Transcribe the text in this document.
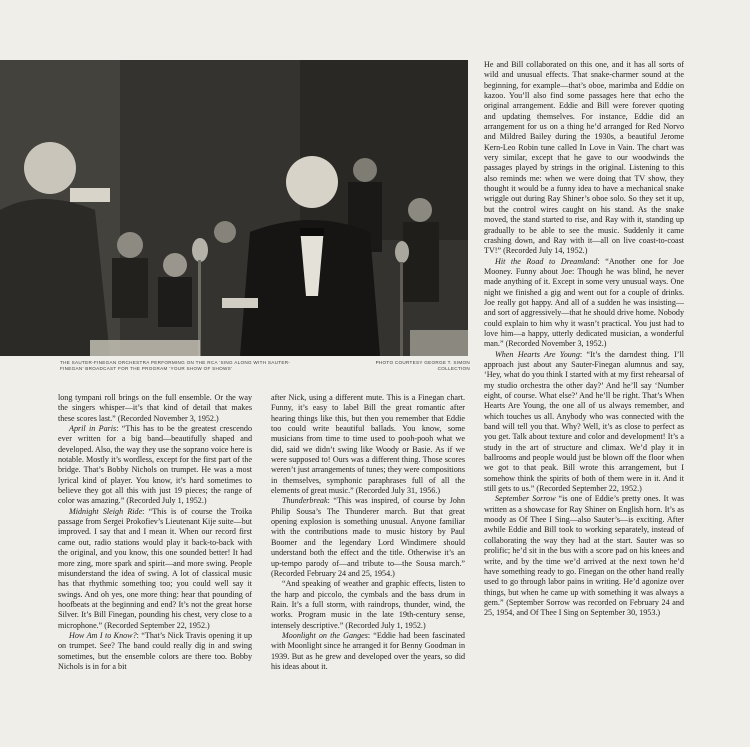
THE SAUTER-FINEGAN ORCHESTRA PERFORMING ON THE RCA ‘SING ALONG WITH SAUTER-FINEGAN’ BROADCAST FOR THE PROGRAM ‘YOUR SHOW OF SHOWS’

PHOTO COURTESY GEORGE T. SIMON COLLECTION

long tympani roll brings on the full ensemble. Or the way the singers whisper—it’s that kind of detail that makes these scores last.” (Recorded November 3, 1952.)

April in Paris: “This has to be the greatest crescendo ever written for a big band—beautifully shaped and developed. Also, the way they use the soprano voice here is notable. Mostly it’s wordless, except for the first part of the bridge. That’s Bobby Nichols on trumpet. He was a most lyrical kind of player. You know, it’s hard sometimes to believe they got all this with just 19 pieces; the range of color was amazing.” (Recorded July 1, 1952.)

Midnight Sleigh Ride: “This is of course the Troika passage from Sergei Prokofiev’s Lieutenant Kije suite—but improved. I say that and I mean it. When our record first came out, radio stations would play it back-to-back with the original, and you know, this one sounded better! It had more zing, more spark and spirit—and more swing. People misunderstand the idea of swing. A lot of classical music has that rhythmic something too; you could well say it swings. And oh yes, one more thing: hear that pounding of hoofbeats at the beginning and end? It’s not the great horse Silver. It’s Bill Finegan, pounding his chest, very close to a microphone.” (Recorded September 22, 1952.)

How Am I to Know?: “That’s Nick Travis opening it up on trumpet. See? The band could really dig in and swing sometimes, but the ensemble colors are there too. Bobby Nichols is in for a bit

after Nick, using a different mute. This is a Finegan chart. Funny, it’s easy to label Bill the great romantic after hearing things like this, but then you remember that Eddie too could write beautiful ballads. You know, some musicians from time to time used to pooh-pooh what we did, said we didn’t swing like Woody or Basie. As if we were supposed to! Ours was a different thing. Those scores weren’t just arrangements of tunes; they were compositions in themselves, symphonic paraphrases full of all the elements of great music.” (Recorded July 31, 1956.)

Thunderbreak: “This was inspired, of course by John Philip Sousa’s The Thunderer march. But that great opening explosion is something unusual. Anyone familiar with the contributions made to music history by Paul Boomer and the legendary Lord Windimere should understand both the effect and the title. Otherwise it’s an up-tempo parody of—and tribute to—the Sousa march.” (Recorded February 24 and 25, 1954.)

“And speaking of weather and graphic effects, listen to the harp and piccolo, the cymbals and the bass drum in Rain. It’s a full storm, with raindrops, thunder, wind, the works. Program music in the late 19th-century sense, intensely descriptive.” (Recorded July 1, 1952.)

Moonlight on the Ganges: “Eddie had been fascinated with Moonlight since he arranged it for Benny Goodman in 1939. But as he grew and developed over the years, so did his ideas about it.

He and Bill collaborated on this one, and it has all sorts of wild and unusual effects. That snake-charmer sound at the beginning, for example—that’s oboe, marimba and Eddie on kazoo. You’ll also find some passages here that echo the original arrangement. Eddie and Bill were forever quoting and updating themselves. For instance, Eddie did an arrangement for us on a thing he’d arranged for Red Norvo and Mildred Bailey during the 1930s, a beautiful Jerome Kern-Leo Robin tune called In Love in Vain. The chart was very similar, except that he gave to our woodwinds the passages played by strings in the original. Listening to this also reminds me: when we were doing that TV show, they thought it would be a funny idea to have a mechanical snake wriggle out during Ray Shiner’s oboe solo. So they set it up, but the control wires caught on his stand. As the snake moved, the stand started to rise, and Ray with it, standing up gradually to be able to see the music. Suddenly it came crashing down, and Ray with it—all on live coast-to-coast TV!” (Recorded July 14, 1952.)

Hit the Road to Dreamland: “Another one for Joe Mooney. Funny about Joe: Though he was blind, he never made anything of it. Except in some very unusual ways. One night we finished a gig and went out for a couple of drinks. Joe really got happy. And all of a sudden he was insisting—and sort of aggressively—that he should drive home. Nobody could explain to him why it wasn’t practical. You just had to love him—a happy, utterly dedicated musician, a wonderful man.” (Recorded November 3, 1952.)

When Hearts Are Young: “It’s the darndest thing. I’ll approach just about any Sauter-Finegan alumnus and say, ‘Hey, what do you think I started with at my first rehearsal of my studio orchestra the other day?’ And he’ll say ‘Number eight, of course. What else?’ And he’ll be right. That’s When Hearts Are Young, the one all of us always remember, and which touches us all. Anybody who was connected with the band will tell you that. Why? Well, it’s as close to perfect as you get. Talk about texture and color and development! It’s a study in the art of structure and climax. We’d play it in ballrooms and people would just be blown off the floor when we got to that peak. Bill wrote this arrangement, but I somehow think the spirits of both of them were in it. And it still gets to us.” (Recorded September 22, 1952.)

September Sorrow “is one of Eddie’s pretty ones. It was written as a showcase for Ray Shiner on English horn. It’s as moody as Of Thee I Sing—also Sauter’s—is exciting. After awhile Eddie and Bill took to working separately, instead of collaborating the way they had at the start. Sauter was so prolific; he’d sit in the bus with a score pad on his knees and write, and by the time we’d arrived at the next town he’d have something ready to go. Finegan on the other hand really used to go through labor pains in writing. He’d agonize over things, but when he came up with something it was always a gem.” (September Sorrow was recorded on February 24 and 25, 1954, and Of Thee I Sing on September 30, 1953.)
